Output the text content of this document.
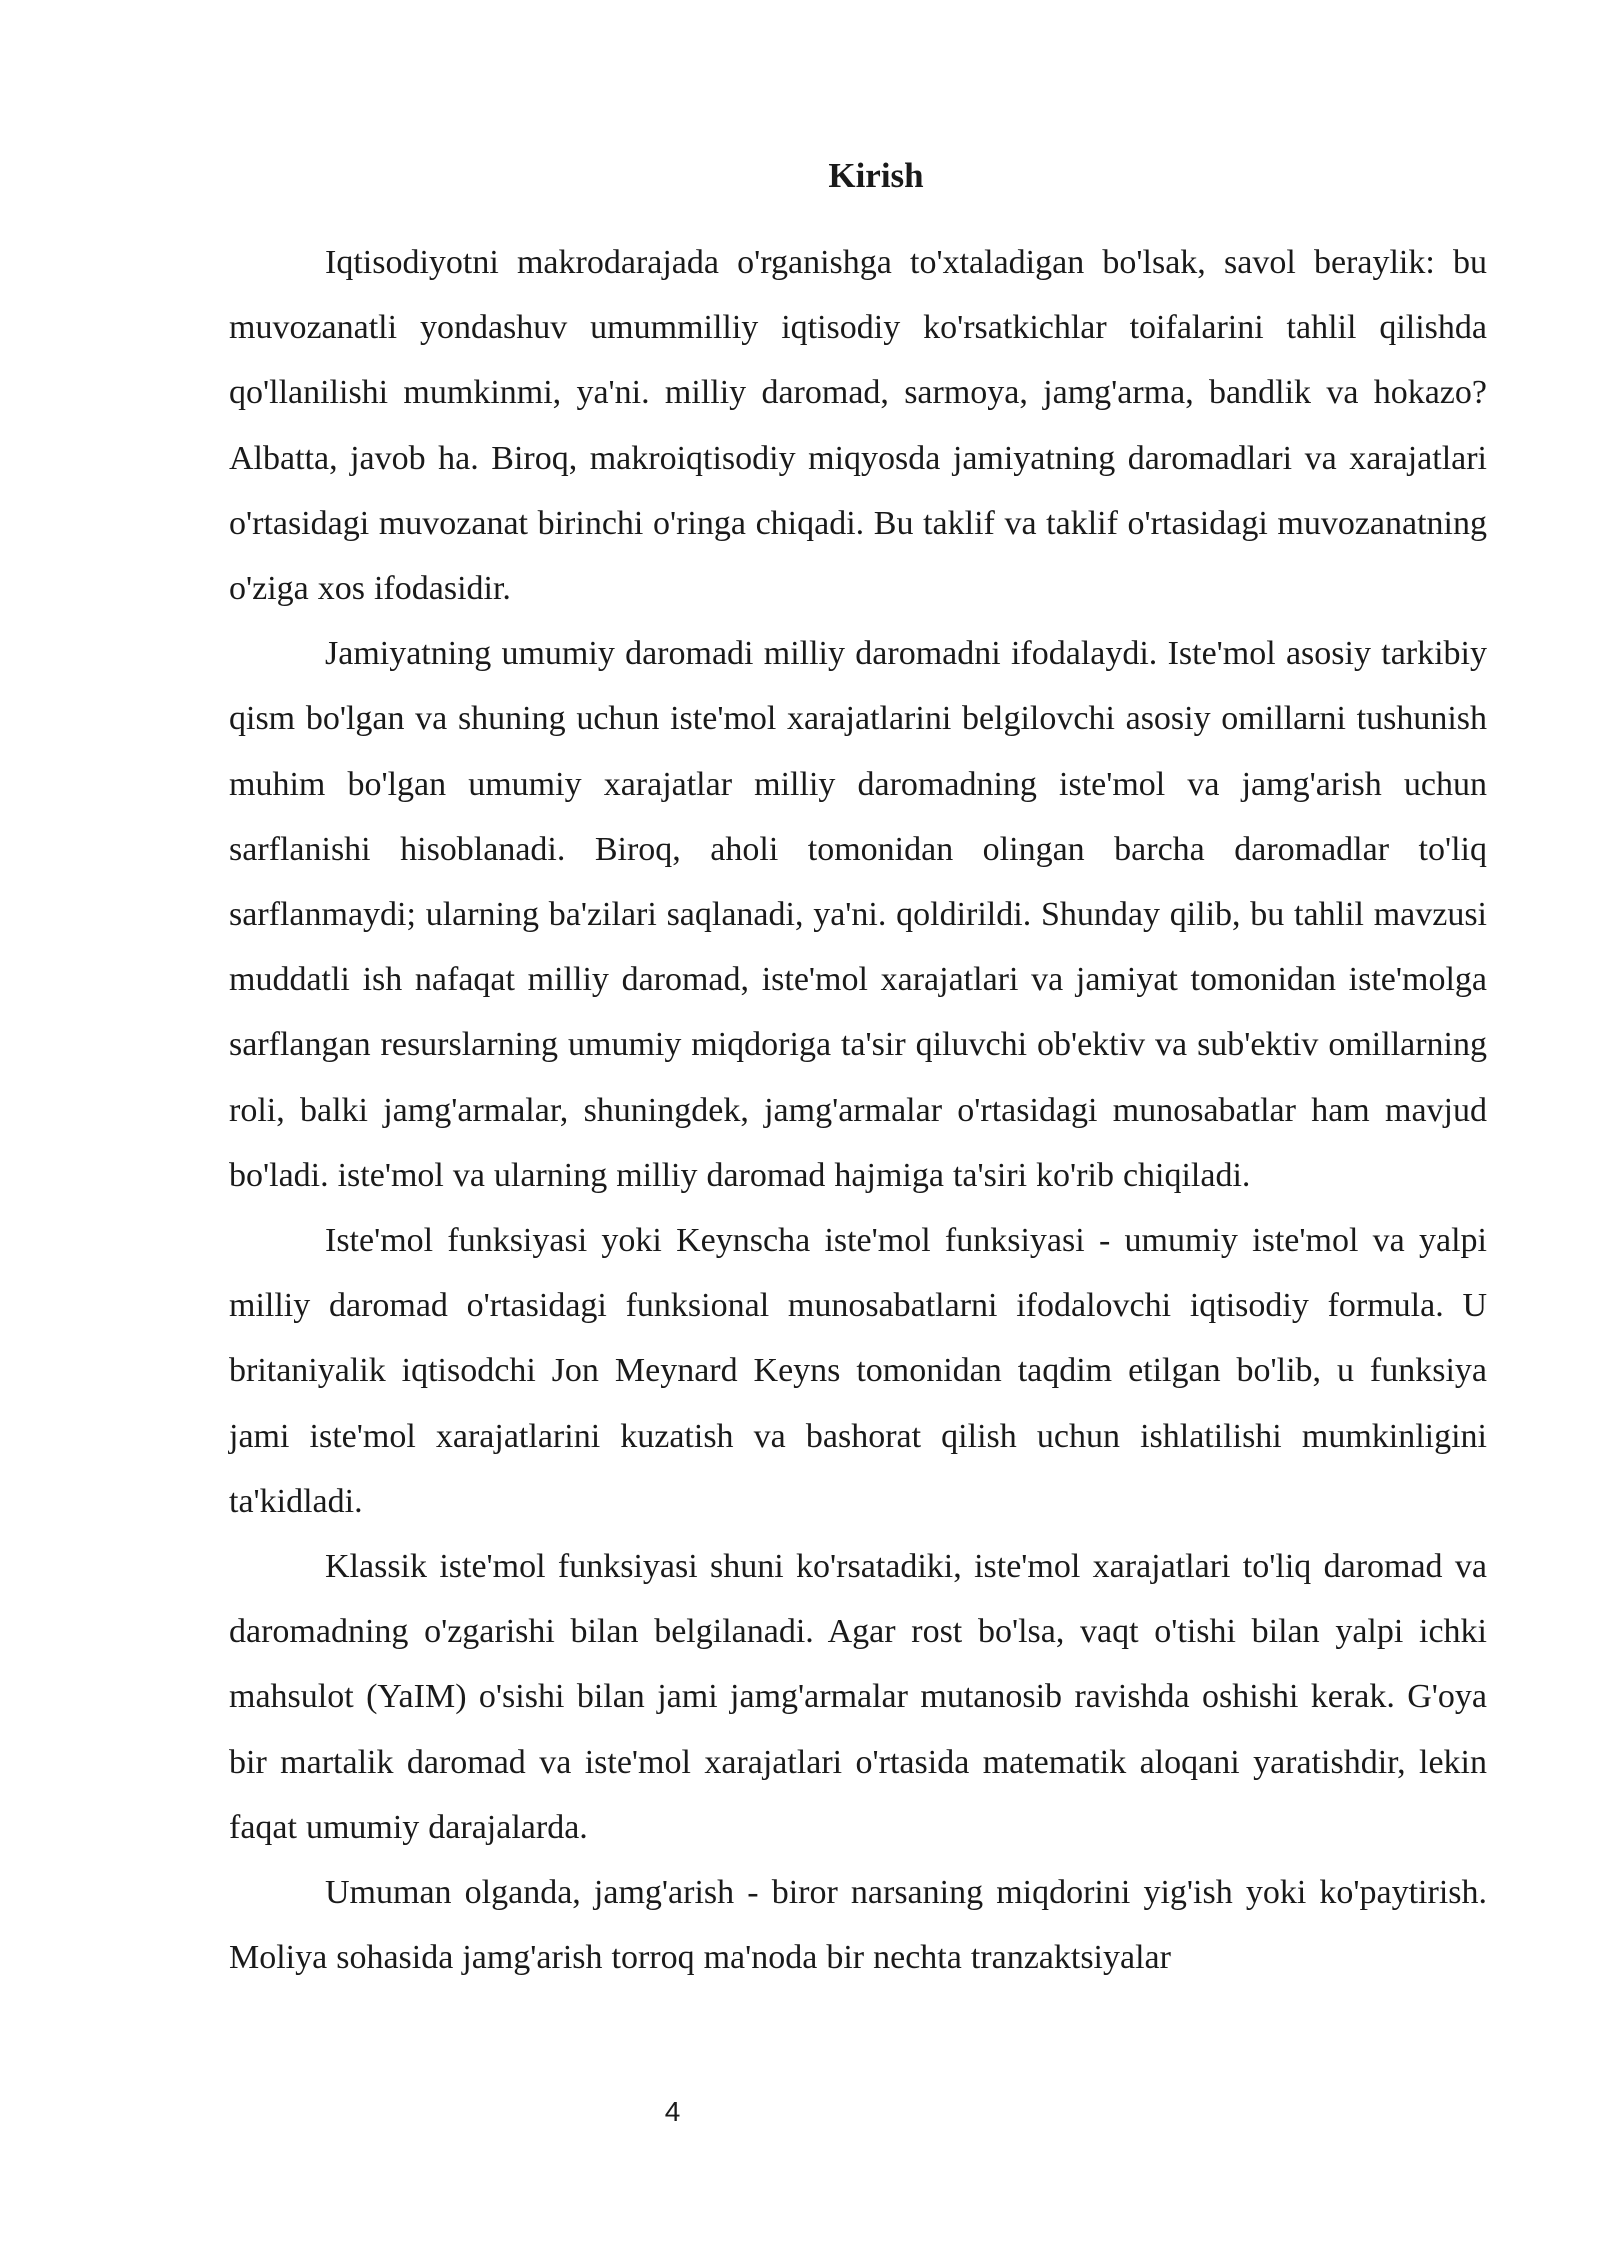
Kirish

Iqtisodiyotni makrodarajada o'rganishga to'xtaladigan bo'lsak, savol beraylik: bu muvozanatli yondashuv umummilliy iqtisodiy ko'rsatkichlar toifalarini tahlil qilishda qo'llanilishi mumkinmi, ya'ni. milliy daromad, sarmoya, jamg'arma, bandlik va hokazo? Albatta, javob ha. Biroq, makroiqtisodiy miqyosda jamiyatning daromadlari va xarajatlari o'rtasidagi muvozanat birinchi o'ringa chiqadi. Bu taklif va taklif o'rtasidagi muvozanatning o'ziga xos ifodasidir.

Jamiyatning umumiy daromadi milliy daromadni ifodalaydi. Iste'mol asosiy tarkibiy qism bo'lgan va shuning uchun iste'mol xarajatlarini belgilovchi asosiy omillarni tushunish muhim bo'lgan umumiy xarajatlar milliy daromadning iste'mol va jamg'arish uchun sarflanishi hisoblanadi. Biroq, aholi tomonidan olingan barcha daromadlar to'liq sarflanmaydi; ularning ba'zilari saqlanadi, ya'ni. qoldirildi. Shunday qilib, bu tahlil mavzusi muddatli ish nafaqat milliy daromad, iste'mol xarajatlari va jamiyat tomonidan iste'molga sarflangan resurslarning umumiy miqdoriga ta'sir qiluvchi ob'ektiv va sub'ektiv omillarning roli, balki jamg'armalar, shuningdek, jamg'armalar o'rtasidagi munosabatlar ham mavjud bo'ladi. iste'mol va ularning milliy daromad hajmiga ta'siri ko'rib chiqiladi.

Iste'mol funksiyasi yoki Keynscha iste'mol funksiyasi - umumiy iste'mol va yalpi milliy daromad o'rtasidagi funksional munosabatlarni ifodalovchi iqtisodiy formula. U britaniyalik iqtisodchi Jon Meynard Keyns tomonidan taqdim etilgan bo'lib, u funksiya jami iste'mol xarajatlarini kuzatish va bashorat qilish uchun ishlatilishi mumkinligini ta'kidladi.

Klassik iste'mol funksiyasi shuni ko'rsatadiki, iste'mol xarajatlari to'liq daromad va daromadning o'zgarishi bilan belgilanadi. Agar rost bo'lsa, vaqt o'tishi bilan yalpi ichki mahsulot (YaIM) o'sishi bilan jami jamg'armalar mutanosib ravishda oshishi kerak. G'oya bir martalik daromad va iste'mol xarajatlari o'rtasida matematik aloqani yaratishdir, lekin faqat umumiy darajalarda.

Umuman olganda, jamg'arish - biror narsaning miqdorini yig'ish yoki ko'paytirish. Moliya sohasida jamg'arish torroq ma'noda bir nechta tranzaktsiyalar

4
